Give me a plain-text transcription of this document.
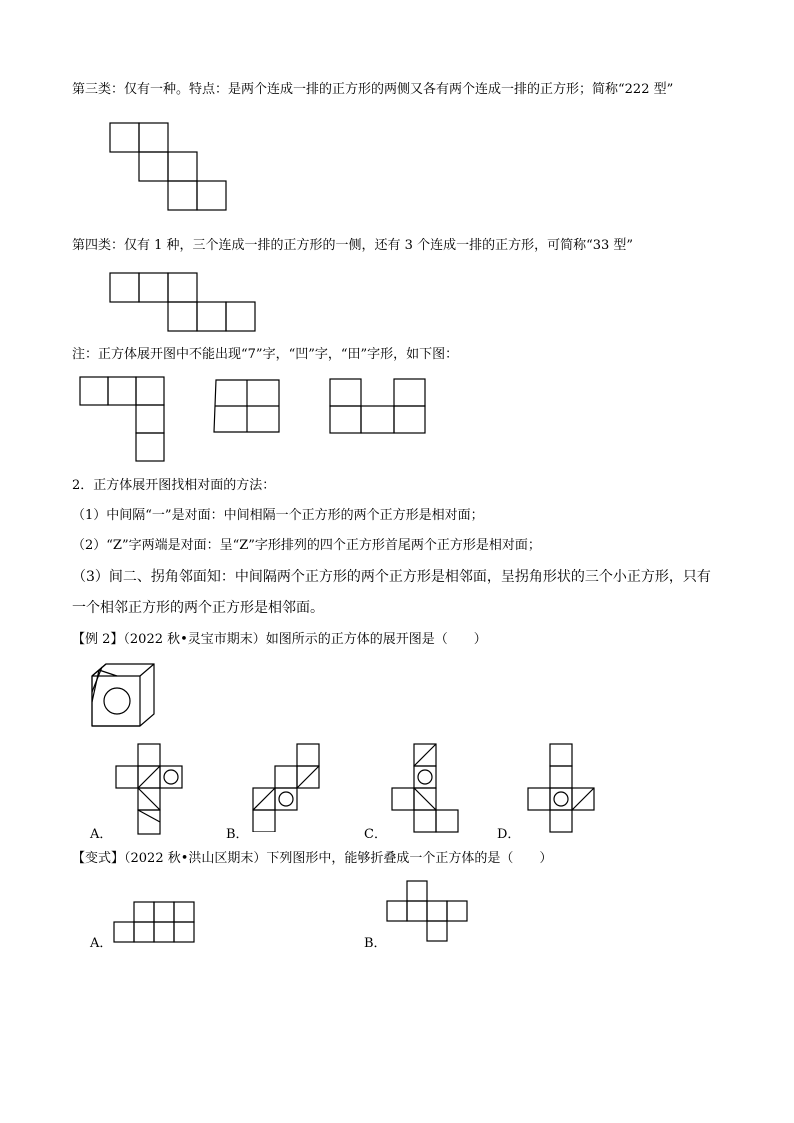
第三类：仅有一种。特点：是两个连成一排的正方形的两侧又各有两个连成一排的正方形；简称“222 型”
第四类：仅有 1 种，三个连成一排的正方形的一侧，还有 3 个连成一排的正方形，可简称“33 型”
注：正方体展开图中不能出现“7”字，“凹”字，“田”字形，如下图：
2．正方体展开图找相对面的方法：
（1）中间隔“一”是对面：中间相隔一个正方形的两个正方形是相对面；
（2）“Z”字两端是对面：呈“Z”字形排列的四个正方形首尾两个正方形是相对面；
（3）间二、拐角邻面知：中间隔两个正方形的两个正方形是相邻面，呈拐角形状的三个小正方形，只有
一个相邻正方形的两个正方形是相邻面。
【例 2】（2022 秋•灵宝市期末）如图所示的正方体的展开图是（　　）
A．	B．	C．	D．
【变式】（2022 秋•洪山区期末）下列图形中，能够折叠成一个正方体的是（　　）
A．	B．
